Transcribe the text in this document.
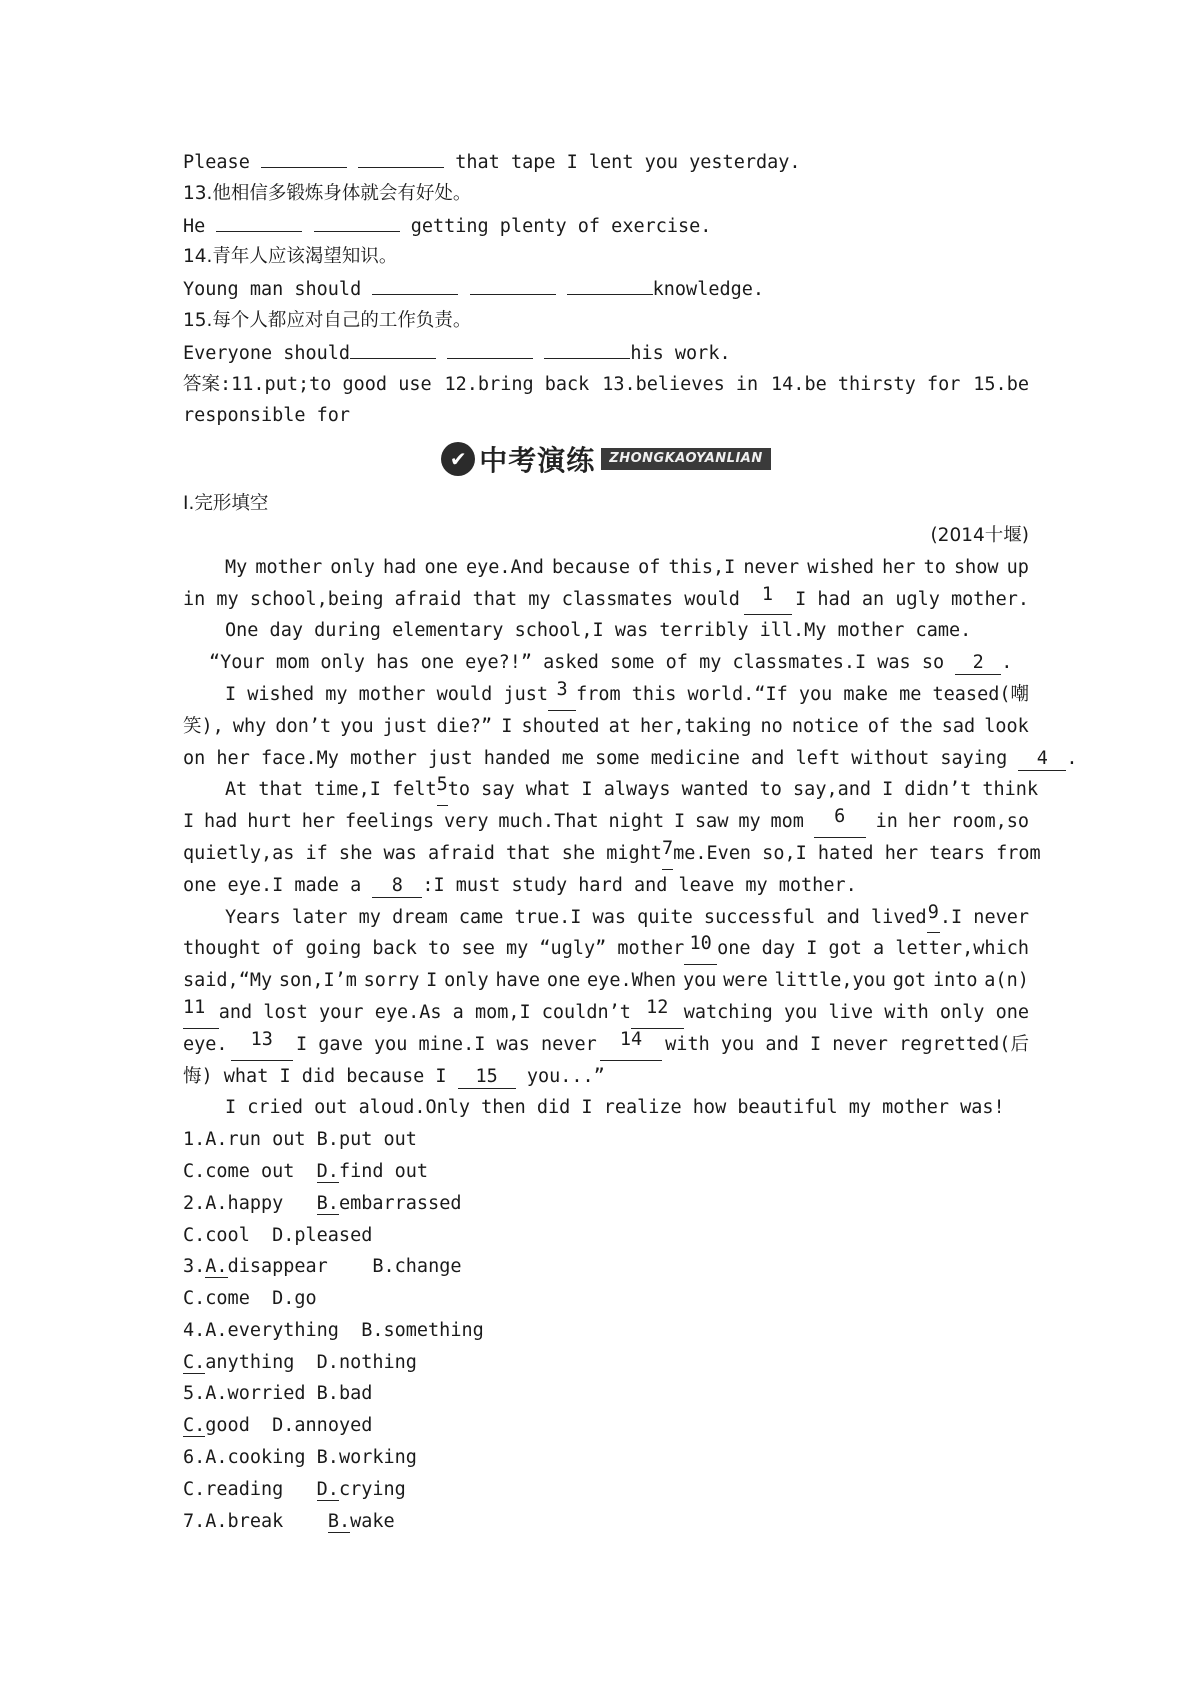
Please	that tape I lent you yesterday.
13.他相信多锻炼身体就会有好处。
He	getting plenty of exercise.
14.青年人应该渴望知识。
Young man should	knowledge.
15.每个人都应对自己的工作负责。
Everyone should	his work.
答案:11.put;to good use 12.bring back 13.believes in 14.be thirsty for 15.be
responsible for
✔ 中考演练	ZHONGKAOYANLIAN
Ⅰ.完形填空
(2014十堰)
My mother only had one eye.And because of this,I never wished her to show up
in my school,being afraid that my classmates would	1	I had an ugly mother.
One day during elementary school,I was terribly ill.My mother came.
“Your mom only has one eye?!” asked some of my classmates.I was so 2 .
I wished my mother would just 3 from this world.“If you make me teased(嘲
笑), why don’t you just die?” I shouted at her,taking no notice of the sad look
on her face.My mother just handed me some medicine and left without saying 4 .
At that time,I felt 5 to say what I always wanted to say,and I didn’t think
I had hurt her feelings very much.That night I saw my mom	6	in her room,so
quietly,as if she was afraid that she might 7 me.Even so,I hated her tears from
one eye.I made a 8 :I must study hard and leave my mother.
Years later my dream came true.I was quite successful and lived 9 .I never
thought of going back to see my “ugly” mother 10 one day I got a letter,which
said,“My son,I’m sorry I only have one eye.When you were little,you got into a(n)
11 and lost your eye.As a mom,I couldn’t 12 watching you live with only one
eye.	13	I gave you mine.I was never	14	with you and I never regretted(后
悔) what I did because I 15 you...”
I cried out aloud.Only then did I realize how beautiful my mother was!
1.A.run out B.put out
C.come out D.find out
2.A.happy B.embarrassed
C.cool D.pleased
3.A.disappear B.change
C.come D.go
4.A.everything B.something
C.anything D.nothing
5.A.worried B.bad
C.good D.annoyed
6.A.cooking B.working
C.reading D.crying
7.A.break B.wake
